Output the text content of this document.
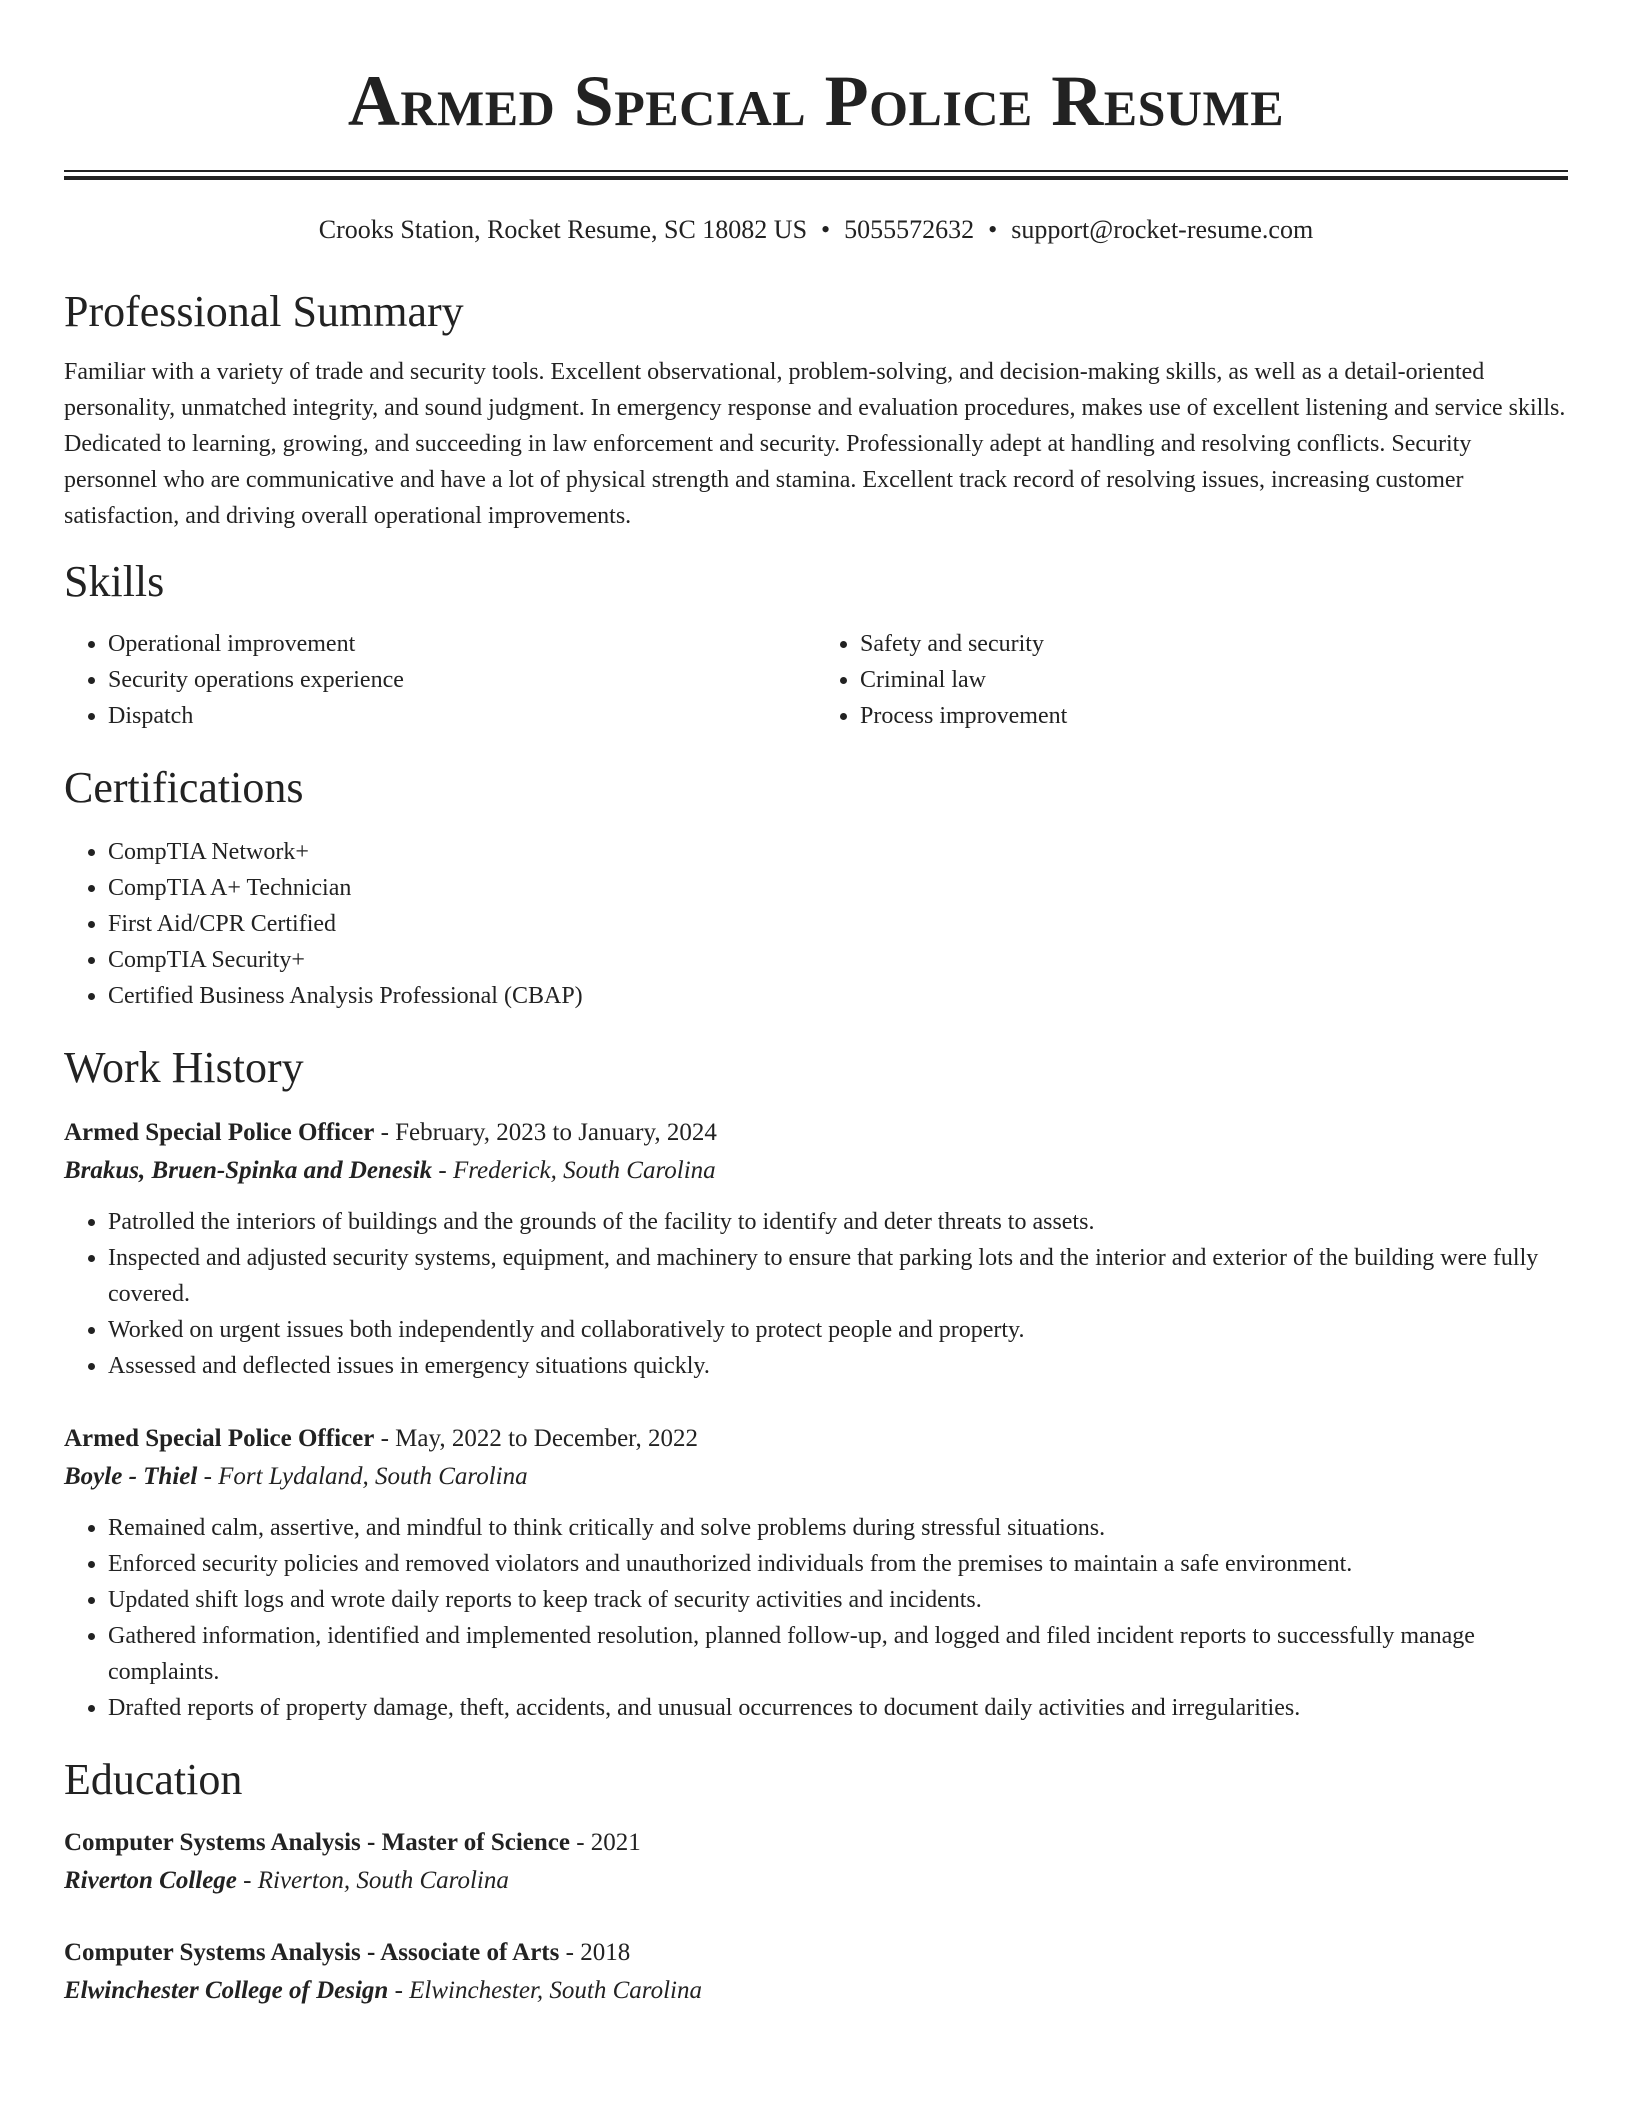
Armed Special Police Resume
Crooks Station, Rocket Resume, SC 18082 US • 5055572632 • support@rocket-resume.com
Professional Summary

Familiar with a variety of trade and security tools. Excellent observational, problem-solving, and decision-making skills, as well as a detail-oriented personality, unmatched integrity, and sound judgment. In emergency response and evaluation procedures, makes use of excellent listening and service skills. Dedicated to learning, growing, and succeeding in law enforcement and security. Professionally adept at handling and resolving conflicts. Security personnel who are communicative and have a lot of physical strength and stamina. Excellent track record of resolving issues, increasing customer satisfaction, and driving overall operational improvements.

Skills
• Operational improvement
• Security operations experience
• Dispatch
• Safety and security
• Criminal law
• Process improvement
Certifications
• CompTIA Network+
• CompTIA A+ Technician
• First Aid/CPR Certified
• CompTIA Security+
• Certified Business Analysis Professional (CBAP)
Work History
Armed Special Police Officer - February, 2023 to January, 2024
Brakus, Bruen-Spinka and Denesik - Frederick, South Carolina
• Patrolled the interiors of buildings and the grounds of the facility to identify and deter threats to assets.
• Inspected and adjusted security systems, equipment, and machinery to ensure that parking lots and the interior and exterior of the building were fully covered.
• Worked on urgent issues both independently and collaboratively to protect people and property.
• Assessed and deflected issues in emergency situations quickly.
Armed Special Police Officer - May, 2022 to December, 2022
Boyle - Thiel - Fort Lydaland, South Carolina
• Remained calm, assertive, and mindful to think critically and solve problems during stressful situations.
• Enforced security policies and removed violators and unauthorized individuals from the premises to maintain a safe environment.
• Updated shift logs and wrote daily reports to keep track of security activities and incidents.
• Gathered information, identified and implemented resolution, planned follow-up, and logged and filed incident reports to successfully manage complaints.
• Drafted reports of property damage, theft, accidents, and unusual occurrences to document daily activities and irregularities.
Education
Computer Systems Analysis - Master of Science - 2021
Riverton College - Riverton, South Carolina
Computer Systems Analysis - Associate of Arts - 2018
Elwinchester College of Design - Elwinchester, South Carolina
